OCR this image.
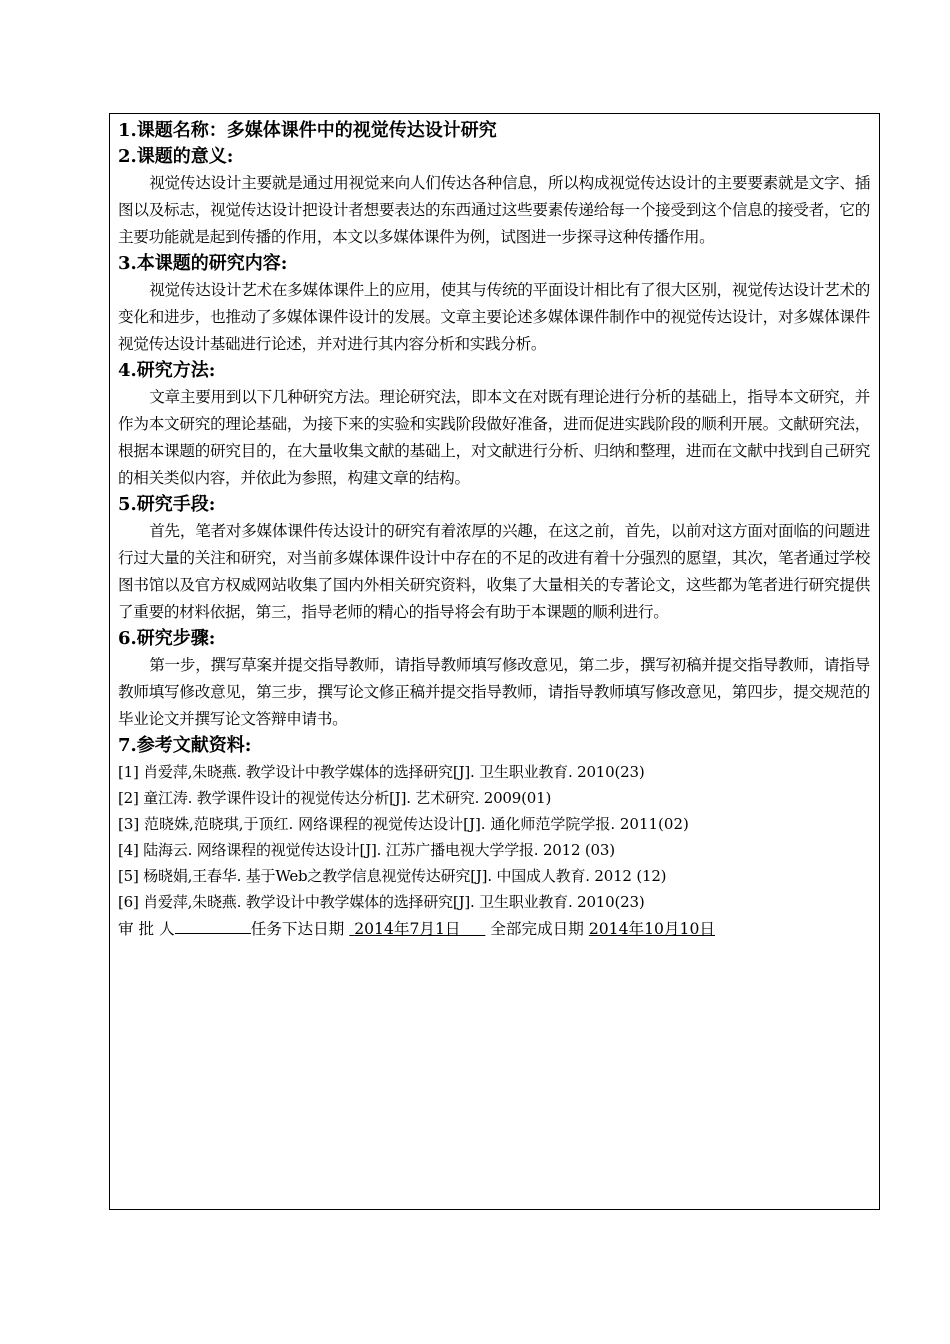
1.课题名称：多媒体课件中的视觉传达设计研究
2.课题的意义:

视觉传达设计主要就是通过用视觉来向人们传达各种信息，所以构成视觉传达设计的主要要素就是文字、插图以及标志，视觉传达设计把设计者想要表达的东西通过这些要素传递给每一个接受到这个信息的接受者，它的主要功能就是起到传播的作用，本文以多媒体课件为例，试图进一步探寻这种传播作用。

3.本课题的研究内容:

视觉传达设计艺术在多媒体课件上的应用，使其与传统的平面设计相比有了很大区别，视觉传达设计艺术的变化和进步，也推动了多媒体课件设计的发展。文章主要论述多媒体课件制作中的视觉传达设计，对多媒体课件视觉传达设计基础进行论述，并对进行其内容分析和实践分析。

4.研究方法:

文章主要用到以下几种研究方法。理论研究法，即本文在对既有理论进行分析的基础上，指导本文研究，并作为本文研究的理论基础，为接下来的实验和实践阶段做好准备，进而促进实践阶段的顺利开展。文献研究法，根据本课题的研究目的，在大量收集文献的基础上，对文献进行分析、归纳和整理，进而在文献中找到自己研究的相关类似内容，并依此为参照，构建文章的结构。

5.研究手段:

首先，笔者对多媒体课件传达设计的研究有着浓厚的兴趣，在这之前，首先，以前对这方面对面临的问题进行过大量的关注和研究，对当前多媒体课件设计中存在的不足的改进有着十分强烈的愿望，其次，笔者通过学校图书馆以及官方权威网站收集了国内外相关研究资料，收集了大量相关的专著论文，这些都为笔者进行研究提供了重要的材料依据，第三，指导老师的精心的指导将会有助于本课题的顺利进行。

6.研究步骤:

第一步，撰写草案并提交指导教师，请指导教师填写修改意见，第二步，撰写初稿并提交指导教师，请指导教师填写修改意见，第三步，撰写论文修正稿并提交指导教师，请指导教师填写修改意见，第四步，提交规范的毕业论文并撰写论文答辩申请书。

7.参考文献资料:

[1] 肖爱萍,朱晓燕. 教学设计中教学媒体的选择研究[J]. 卫生职业教育. 2010(23)

[2] 童江涛. 教学课件设计的视觉传达分析[J]. 艺术研究. 2009(01)

[3] 范晓姝,范晓琪,于顶红. 网络课程的视觉传达设计[J]. 通化师范学院学报. 2011(02)

[4] 陆海云. 网络课程的视觉传达设计[J]. 江苏广播电视大学学报. 2012 (03)

[5] 杨晓娟,王春华. 基于Web之教学信息视觉传达研究[J]. 中国成人教育. 2012 (12)

[6] 肖爱萍,朱晓燕. 教学设计中教学媒体的选择研究[J]. 卫生职业教育. 2010(23)

审 批 人	任务下达日期 2014年7月1日 全部完成日期 2014年10月10日
